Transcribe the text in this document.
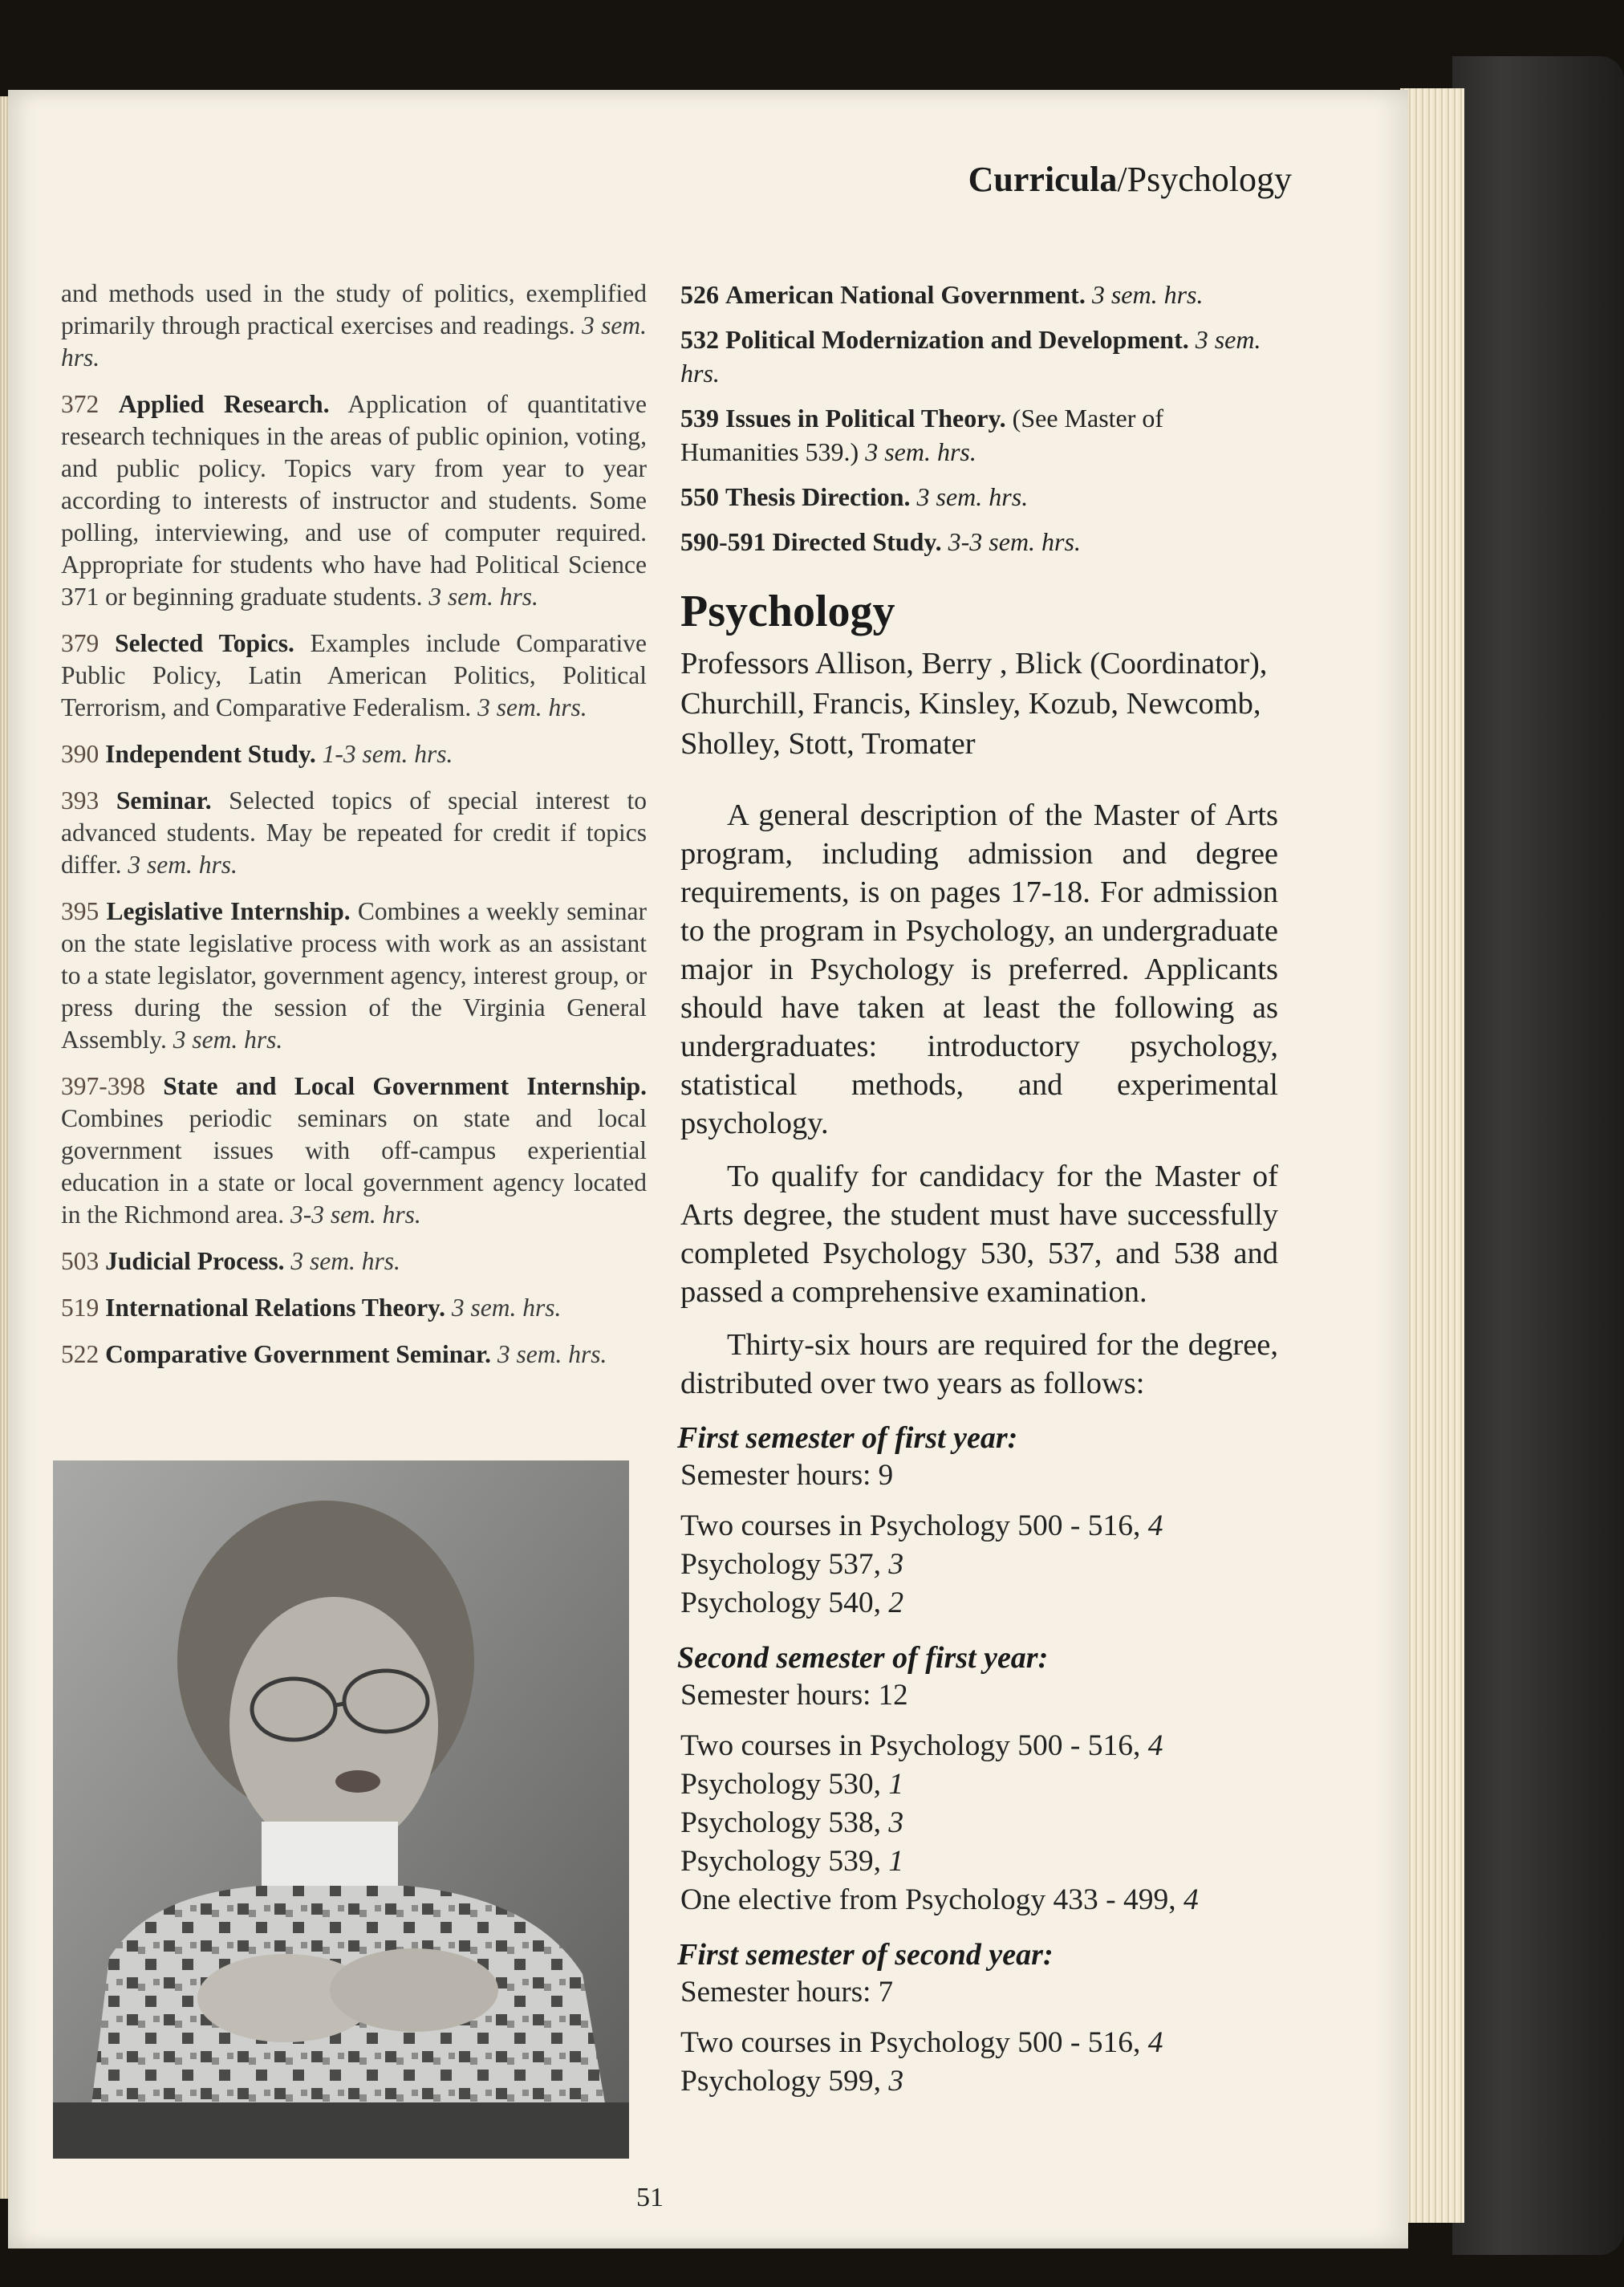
Curricula/Psychology

and methods used in the study of politics, exemplified primarily through practical exercises and readings. 3 sem. hrs.

372 Applied Research. Application of quantitative research techniques in the areas of public opinion, voting, and public policy. Topics vary from year to year according to interests of instructor and students. Some polling, interviewing, and use of computer required. Appropriate for students who have had Political Science 371 or beginning graduate students. 3 sem. hrs.

379 Selected Topics. Examples include Comparative Public Policy, Latin American Politics, Political Terrorism, and Comparative Federalism. 3 sem. hrs.

390 Independent Study. 1-3 sem. hrs.

393 Seminar. Selected topics of special interest to advanced students. May be repeated for credit if topics differ. 3 sem. hrs.

395 Legislative Internship. Combines a weekly seminar on the state legislative process with work as an assistant to a state legislator, government agency, interest group, or press during the session of the Virginia General Assembly. 3 sem. hrs.

397-398 State and Local Government Internship. Combines periodic seminars on state and local government issues with off-campus experiential education in a state or local government agency located in the Richmond area. 3-3 sem. hrs.

503 Judicial Process. 3 sem. hrs.

519 International Relations Theory. 3 sem. hrs.

522 Comparative Government Seminar. 3 sem. hrs.

526 American National Government. 3 sem. hrs.

532 Political Modernization and Development. 3 sem. hrs.

539 Issues in Political Theory. (See Master of Humanities 539.) 3 sem. hrs.

550 Thesis Direction. 3 sem. hrs.

590-591 Directed Study. 3-3 sem. hrs.

Psychology

Professors Allison, Berry , Blick (Coordinator), Churchill, Francis, Kinsley, Kozub, Newcomb, Sholley, Stott, Tromater

A general description of the Master of Arts program, including admission and degree requirements, is on pages 17-18. For admission to the program in Psychology, an undergraduate major in Psychology is preferred. Applicants should have taken at least the following as undergraduates: introductory psychology, statistical methods, and experimental psychology.

To qualify for candidacy for the Master of Arts degree, the student must have successfully completed Psychology 530, 537, and 538 and passed a comprehensive examination.

Thirty-six hours are required for the degree, distributed over two years as follows:

First semester of first year:
Semester hours: 9

Two courses in Psychology 500 - 516, 4

Psychology 537, 3

Psychology 540, 2

Second semester of first year:
Semester hours: 12

Two courses in Psychology 500 - 516, 4

Psychology 530, 1

Psychology 538, 3

Psychology 539, 1

One elective from Psychology 433 - 499, 4

First semester of second year:
Semester hours: 7

Two courses in Psychology 500 - 516, 4

Psychology 599, 3

51
